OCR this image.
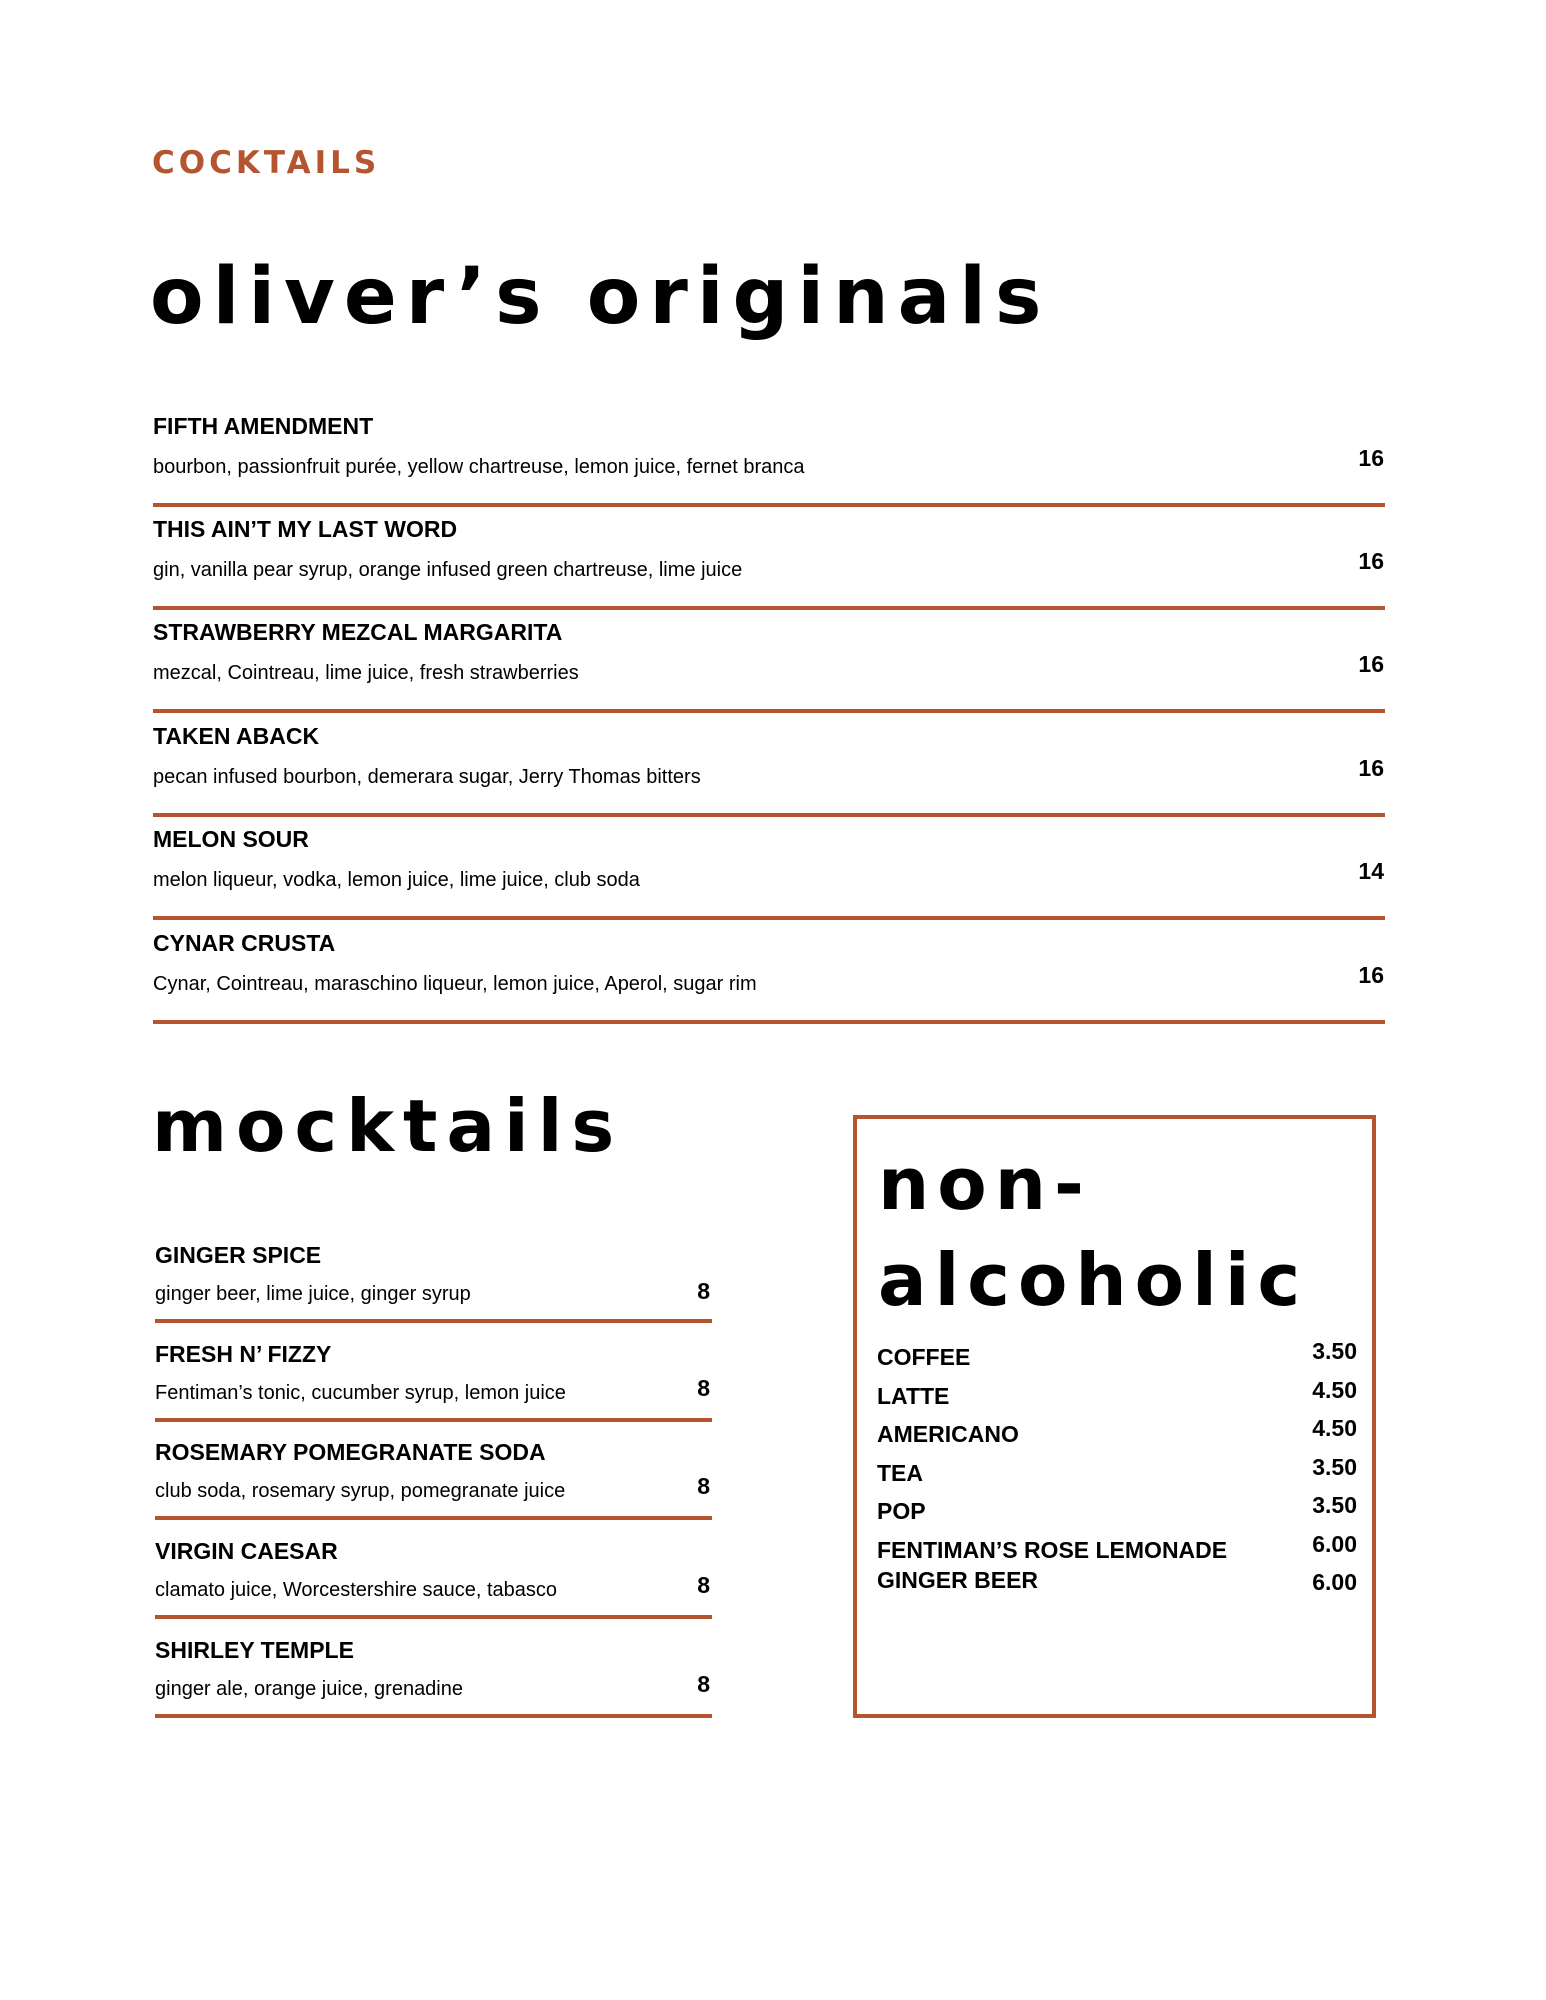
COCKTAILS
oliver’s originals
FIFTH AMENDMENT
bourbon, passionfruit purée, yellow chartreuse, lemon juice, fernet branca	16
THIS AIN’T MY LAST WORD
gin, vanilla pear syrup, orange infused green chartreuse, lime juice	16
STRAWBERRY MEZCAL MARGARITA
mezcal, Cointreau, lime juice, fresh strawberries	16
TAKEN ABACK
pecan infused bourbon, demerara sugar, Jerry Thomas bitters	16
MELON SOUR
melon liqueur, vodka, lemon juice, lime juice, club soda	14
CYNAR CRUSTA
Cynar, Cointreau, maraschino liqueur, lemon juice, Aperol, sugar rim	16
mocktails
GINGER SPICE
ginger beer, lime juice, ginger syrup	8
FRESH N’ FIZZY
Fentiman’s tonic, cucumber syrup, lemon juice	8
ROSEMARY POMEGRANATE SODA
club soda, rosemary syrup, pomegranate juice	8
VIRGIN CAESAR
clamato juice, Worcestershire sauce, tabasco	8
SHIRLEY TEMPLE
ginger ale, orange juice, grenadine	8
non-alcoholic
COFFEE	3.50
LATTE	4.50
AMERICANO	4.50
TEA	3.50
POP	3.50
FENTIMAN’S ROSE LEMONADE	6.00
GINGER BEER	6.00
